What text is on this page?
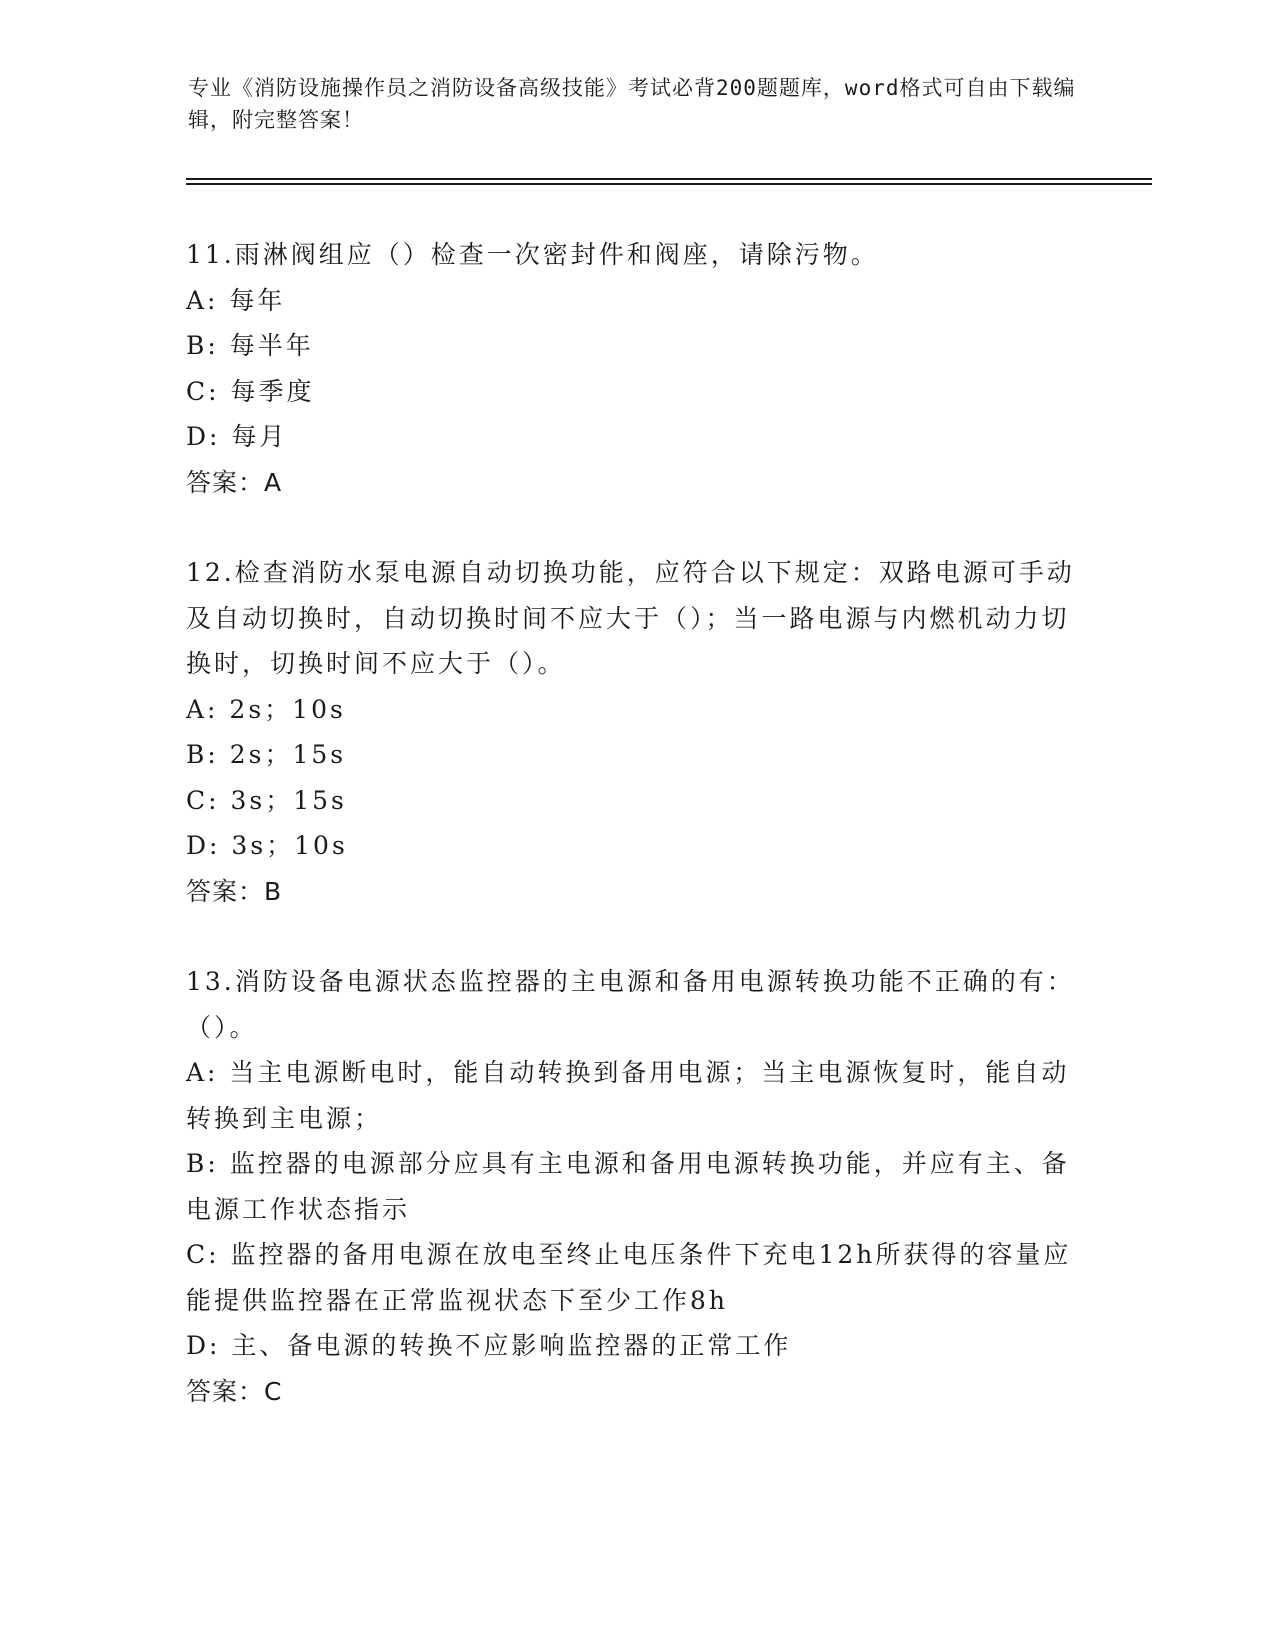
专业《消防设施操作员之消防设备高级技能》考试必背200题题库，word格式可自由下载编辑，附完整答案！

11.雨淋阀组应（）检查一次密封件和阀座，请除污物。

A: 每年

B: 每半年

C: 每季度

D: 每月

答案：A

12.检查消防水泵电源自动切换功能，应符合以下规定：双路电源可手动及自动切换时，自动切换时间不应大于（）；当一路电源与内燃机动力切换时，切换时间不应大于（）。

A: 2s；10s

B: 2s；15s

C: 3s；15s

D: 3s；10s

答案：B

13.消防设备电源状态监控器的主电源和备用电源转换功能不正确的有：（）。

A: 当主电源断电时，能自动转换到备用电源；当主电源恢复时，能自动转换到主电源；

B: 监控器的电源部分应具有主电源和备用电源转换功能，并应有主、备电源工作状态指示

C: 监控器的备用电源在放电至终止电压条件下充电12h所获得的容量应能提供监控器在正常监视状态下至少工作8h

D: 主、备电源的转换不应影响监控器的正常工作

答案：C
